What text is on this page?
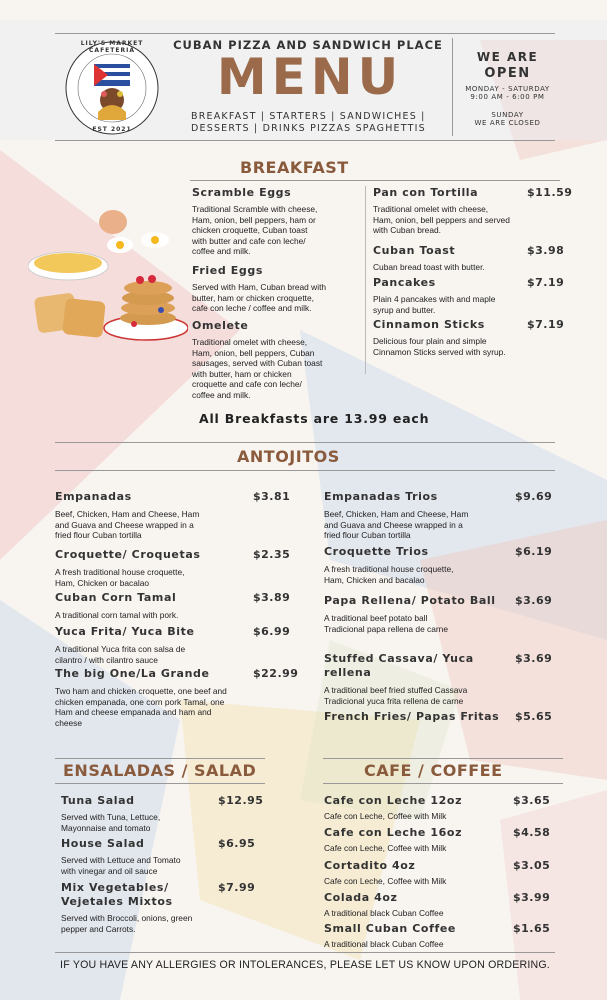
LILY'S MARKET CAFETERIA
EST 2021
CUBAN PIZZA AND SANDWICH PLACE
MENU
BREAKFAST | STARTERS | SANDWICHES |
DESSERTS | DRINKS PIZZAS SPAGHETTIS
WE ARE
OPEN
MONDAY - SATURDAY
9:00 AM - 6:00 PM
SUNDAY
WE ARE CLOSED
BREAKFAST
Scramble Eggs
Traditional Scramble with cheese,
Ham, onion, bell peppers, ham or
chicken croquette, Cuban toast
with butter and cafe con leche/
coffee and milk.
Fried Eggs
Served with Ham, Cuban bread with
butter, ham or chicken croquette,
cafe con leche / coffee and milk.
Omelete
Traditional omelet with cheese,
Ham, onion, bell peppers, Cuban
sausages, served with Cuban toast
with butter, ham or chicken
croquette and cafe con leche/
coffee and milk.
Pan con Tortilla	$11.59
Traditional omelet with cheese,
Ham, onion, bell peppers and served
with Cuban bread.
Cuban Toast	$3.98
Cuban bread toast with butter.
Pancakes	$7.19
Plain 4 pancakes with and maple
syrup and butter.
Cinnamon Sticks	$7.19
Delicious four plain and simple
Cinnamon Sticks served with syrup.
All Breakfasts are 13.99 each
ANTOJITOS
Empanadas	$3.81
Beef, Chicken, Ham and Cheese, Ham
and Guava and Cheese wrapped in a
fried flour Cuban tortilla
Croquette/ Croquetas	$2.35
A fresh traditional house croquette,
Ham, Chicken or bacalao
Cuban Corn Tamal	$3.89
A traditional corn tamal with pork.
Yuca Frita/ Yuca Bite	$6.99
A traditional Yuca frita con salsa de
cilantro / with cilantro sauce
The big One/La Grande	$22.99
Two ham and chicken croquette, one beef and
chicken empanada, one corn pork Tamal, one
Ham and cheese empanada and ham and
cheese
Empanadas Trios	$9.69
Beef, Chicken, Ham and Cheese, Ham
and Guava and Cheese wrapped in a
fried flour Cuban tortilla
Croquette Trios	$6.19
A fresh traditional house croquette,
Ham, Chicken and bacalao
Papa Rellena/ Potato Ball	$3.69
A traditional beef potato ball
Tradicional papa rellena de carne
Stuffed Cassava/ Yuca rellena
$3.69
A traditional beef fried stuffed Cassava
Tradicional yuca frita rellena de carne
French Fries/ Papas Fritas	$5.65
ENSALADAS / SALAD	CAFE / COFFEE
Tuna Salad	$12.95
Served with Tuna, Lettuce,
Mayonnaise and tomato
House Salad	$6.95
Served with Lettuce and Tomato
with vinegar and oil sauce
Mix Vegetables/ Vejetales Mixtos
$7.99
Served with Broccoli, onions, green
pepper and Carrots.
Cafe con Leche 12oz	$3.65
Cafe con Leche, Coffee with Milk
Cafe con Leche 16oz	$4.58
Cafe con Leche, Coffee with Milk
Cortadito 4oz	$3.05
Cafe con Leche, Coffee with Milk
Colada 4oz	$3.99
A traditional black Cuban Coffee
Small Cuban Coffee	$1.65
A traditional black Cuban Coffee
IF YOU HAVE ANY ALLERGIES OR INTOLERANCES, PLEASE LET US KNOW UPON ORDERING.
